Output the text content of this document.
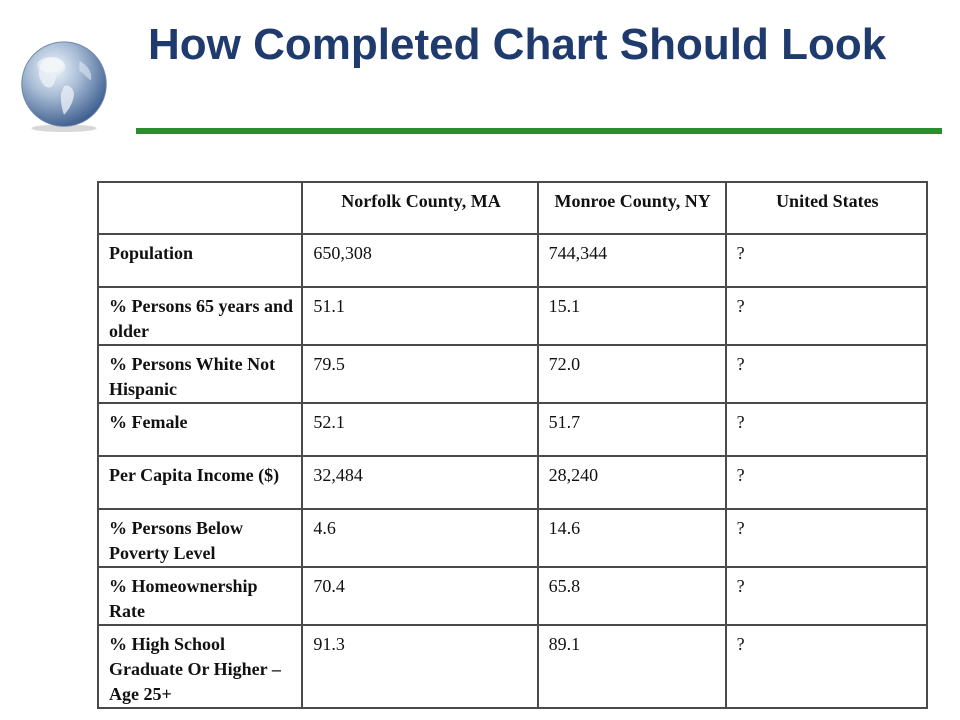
How Completed Chart Should Look
	Norfolk County, MA	Monroe County, NY	United States
Population	650,308	744,344	?
% Persons 65 years and older	51.1	15.1	?
% Persons White Not Hispanic	79.5	72.0	?
% Female	52.1	51.7	?
Per Capita Income ($)	32,484	28,240	?
% Persons Below Poverty Level	4.6	14.6	?
% Homeownership Rate	70.4	65.8	?
% High School Graduate Or Higher – Age 25+	91.3	89.1	?
